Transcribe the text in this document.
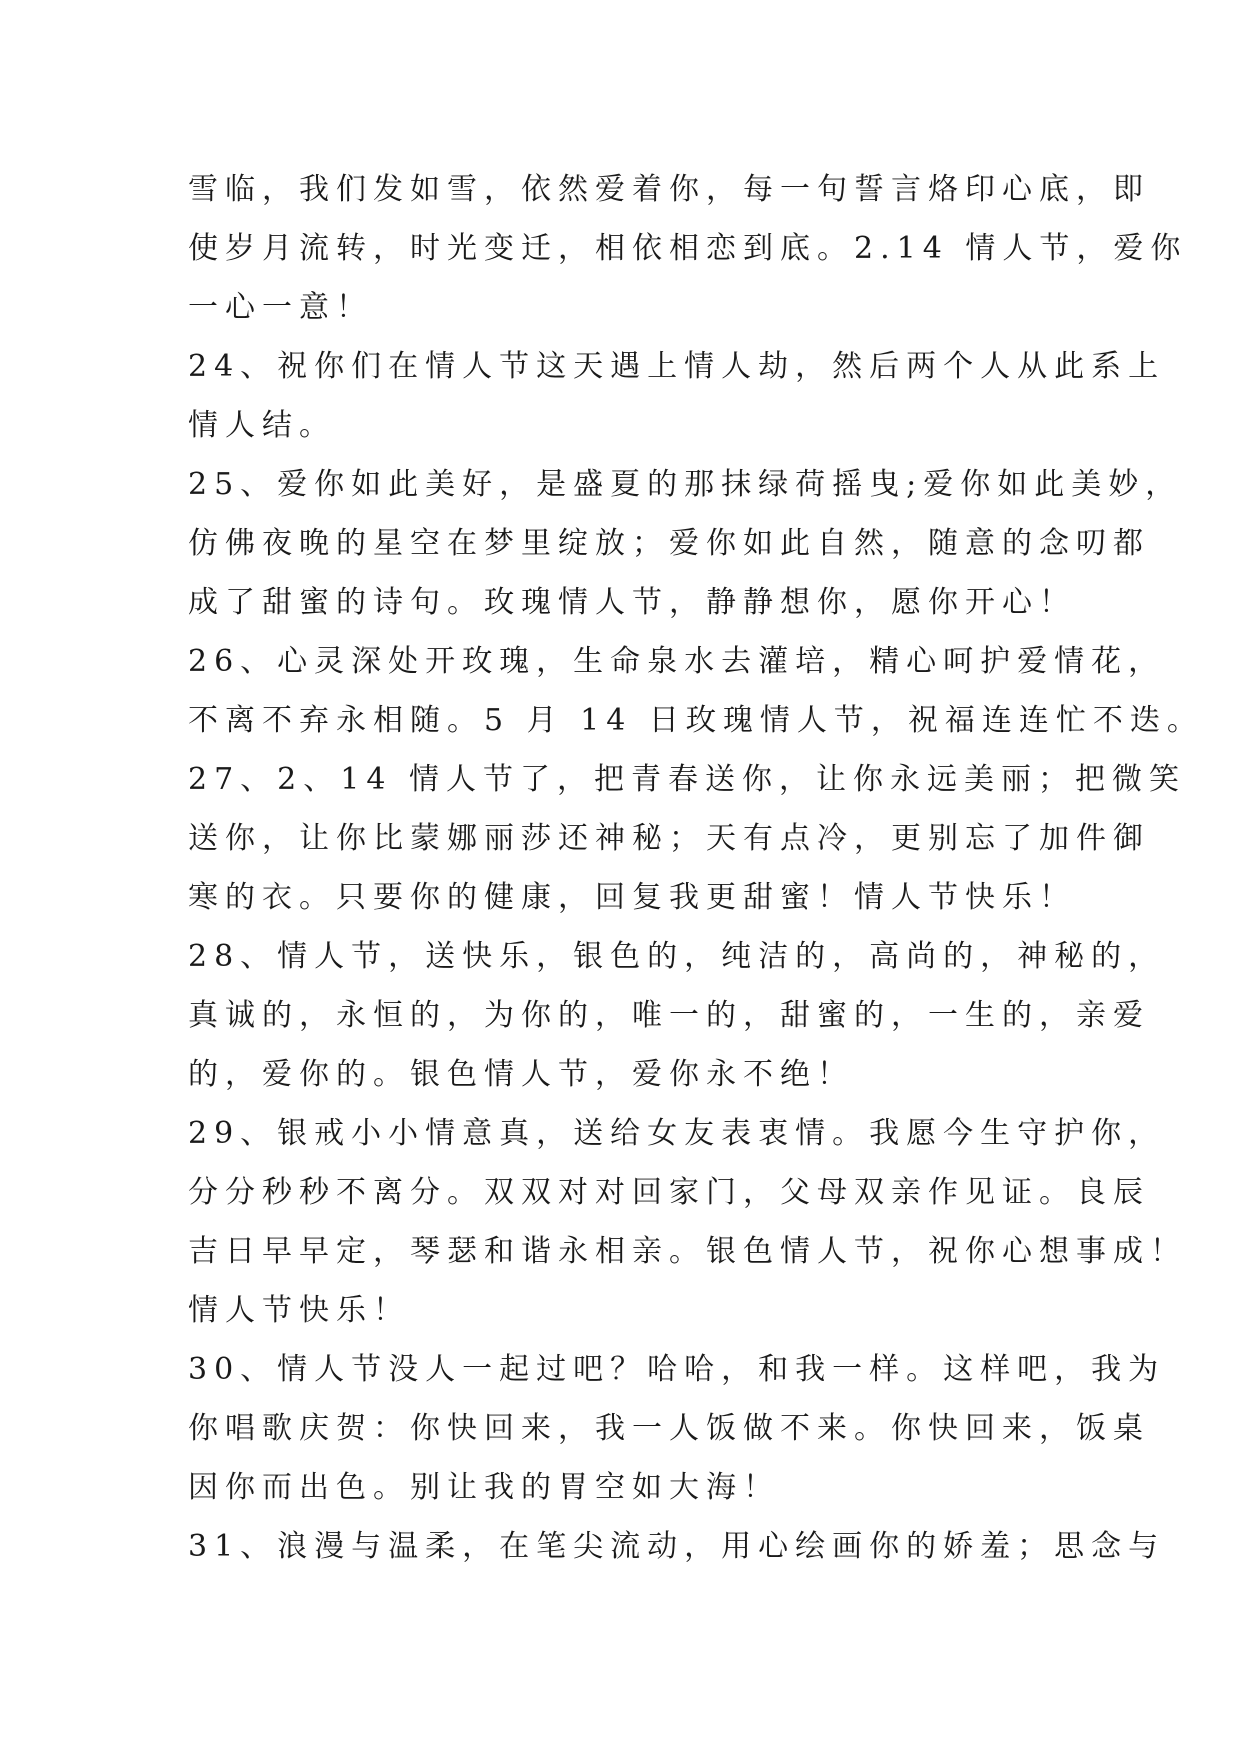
雪临，我们发如雪，依然爱着你，每一句誓言烙印心底，即
使岁月流转，时光变迁，相依相恋到底。2.14 情人节，爱你
一心一意！
24、祝你们在情人节这天遇上情人劫，然后两个人从此系上
情人结。
25、爱你如此美好，是盛夏的那抹绿荷摇曳;爱你如此美妙，
仿佛夜晚的星空在梦里绽放；爱你如此自然，随意的念叨都
成了甜蜜的诗句。玫瑰情人节，静静想你，愿你开心！
26、心灵深处开玫瑰，生命泉水去灌培，精心呵护爱情花，
不离不弃永相随。5 月 14 日玫瑰情人节，祝福连连忙不迭。
27、2、14 情人节了，把青春送你，让你永远美丽；把微笑
送你，让你比蒙娜丽莎还神秘；天有点冷，更别忘了加件御
寒的衣。只要你的健康，回复我更甜蜜！情人节快乐！
28、情人节，送快乐，银色的，纯洁的，高尚的，神秘的，
真诚的，永恒的，为你的，唯一的，甜蜜的，一生的，亲爱
的，爱你的。银色情人节，爱你永不绝！
29、银戒小小情意真，送给女友表衷情。我愿今生守护你，
分分秒秒不离分。双双对对回家门，父母双亲作见证。良辰
吉日早早定，琴瑟和谐永相亲。银色情人节，祝你心想事成！
情人节快乐！
30、情人节没人一起过吧？哈哈，和我一样。这样吧，我为
你唱歌庆贺：你快回来，我一人饭做不来。你快回来，饭桌
因你而出色。别让我的胃空如大海！
31、浪漫与温柔，在笔尖流动，用心绘画你的娇羞；思念与
